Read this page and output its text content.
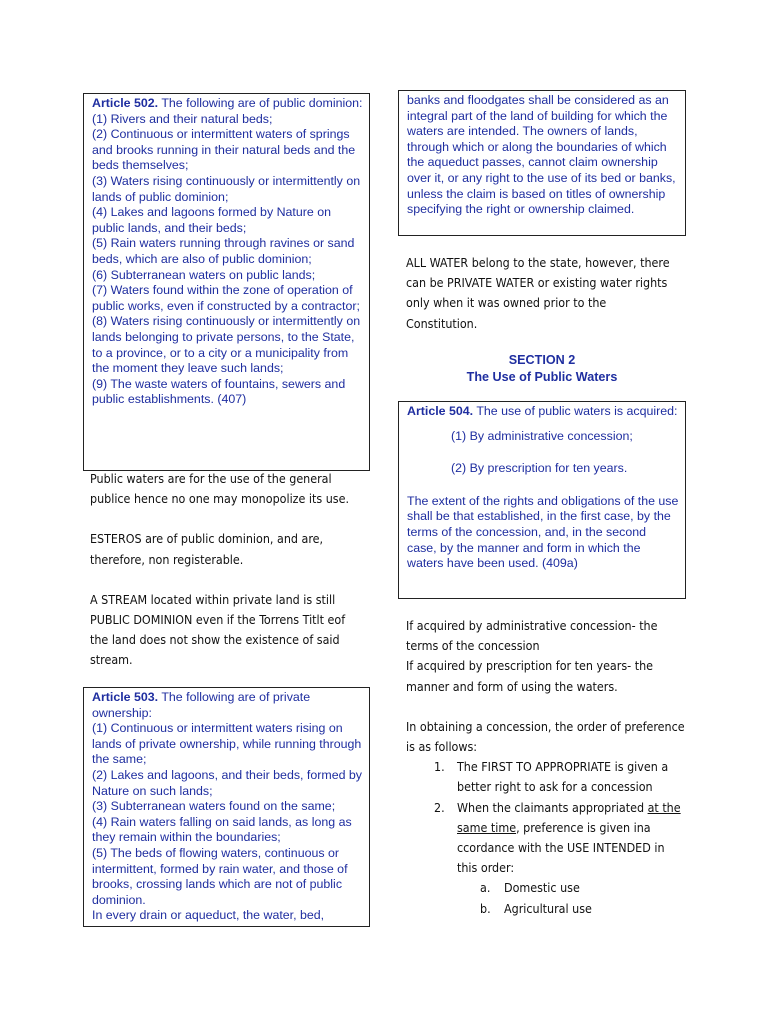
Article 502. The following are of public dominion:

(1) Rivers and their natural beds;

(2) Continuous or intermittent waters of springs and brooks running in their natural beds and the beds themselves;

(3) Waters rising continuously or intermittently on lands of public dominion;

(4) Lakes and lagoons formed by Nature on public lands, and their beds;

(5) Rain waters running through ravines or sand beds, which are also of public dominion;

(6) Subterranean waters on public lands;

(7) Waters found within the zone of operation of public works, even if constructed by a contractor;

(8) Waters rising continuously or intermittently on lands belonging to private persons, to the State, to a province, or to a city or a municipality from the moment they leave such lands;

(9) The waste waters of fountains, sewers and public establishments. (407)

Public waters are for the use of the general publice hence no one may monopolize its use.

ESTEROS are of public dominion, and are, therefore, non registerable.

A STREAM located within private land is still PUBLIC DOMINION even if the Torrens Titlt eof the land does not show the existence of said stream.

Article 503. The following are of private ownership:

(1) Continuous or intermittent waters rising on lands of private ownership, while running through the same;

(2) Lakes and lagoons, and their beds, formed by Nature on such lands;

(3) Subterranean waters found on the same;

(4) Rain waters falling on said lands, as long as they remain within the boundaries;

(5) The beds of flowing waters, continuous or intermittent, formed by rain water, and those of brooks, crossing lands which are not of public dominion.

In every drain or aqueduct, the water, bed,

banks and floodgates shall be considered as an integral part of the land of building for which the waters are intended. The owners of lands, through which or along the boundaries of which the aqueduct passes, cannot claim ownership over it, or any right to the use of its bed or banks, unless the claim is based on titles of ownership specifying the right or ownership claimed.

ALL WATER belong to the state, however, there can be PRIVATE WATER or existing water rights only when it was owned prior to the Constitution.

SECTION 2
The Use of Public Waters

Article 504. The use of public waters is acquired:

(1) By administrative concession;

(2) By prescription for ten years.

The extent of the rights and obligations of the use shall be that established, in the first case, by the terms of the concession, and, in the second case, by the manner and form in which the waters have been used. (409a)

If acquired by administrative concession- the terms of the concession

If acquired by prescription for ten years- the manner and form of using the waters.

In obtaining a concession, the order of preference is as follows:

1. The FIRST TO APPROPRIATE is given a better right to ask for a concession
2. When the claimants appropriated at the same time, preference is given ina ccordance with the USE INTENDED in this order:
a. Domestic use
b. Agricultural use
